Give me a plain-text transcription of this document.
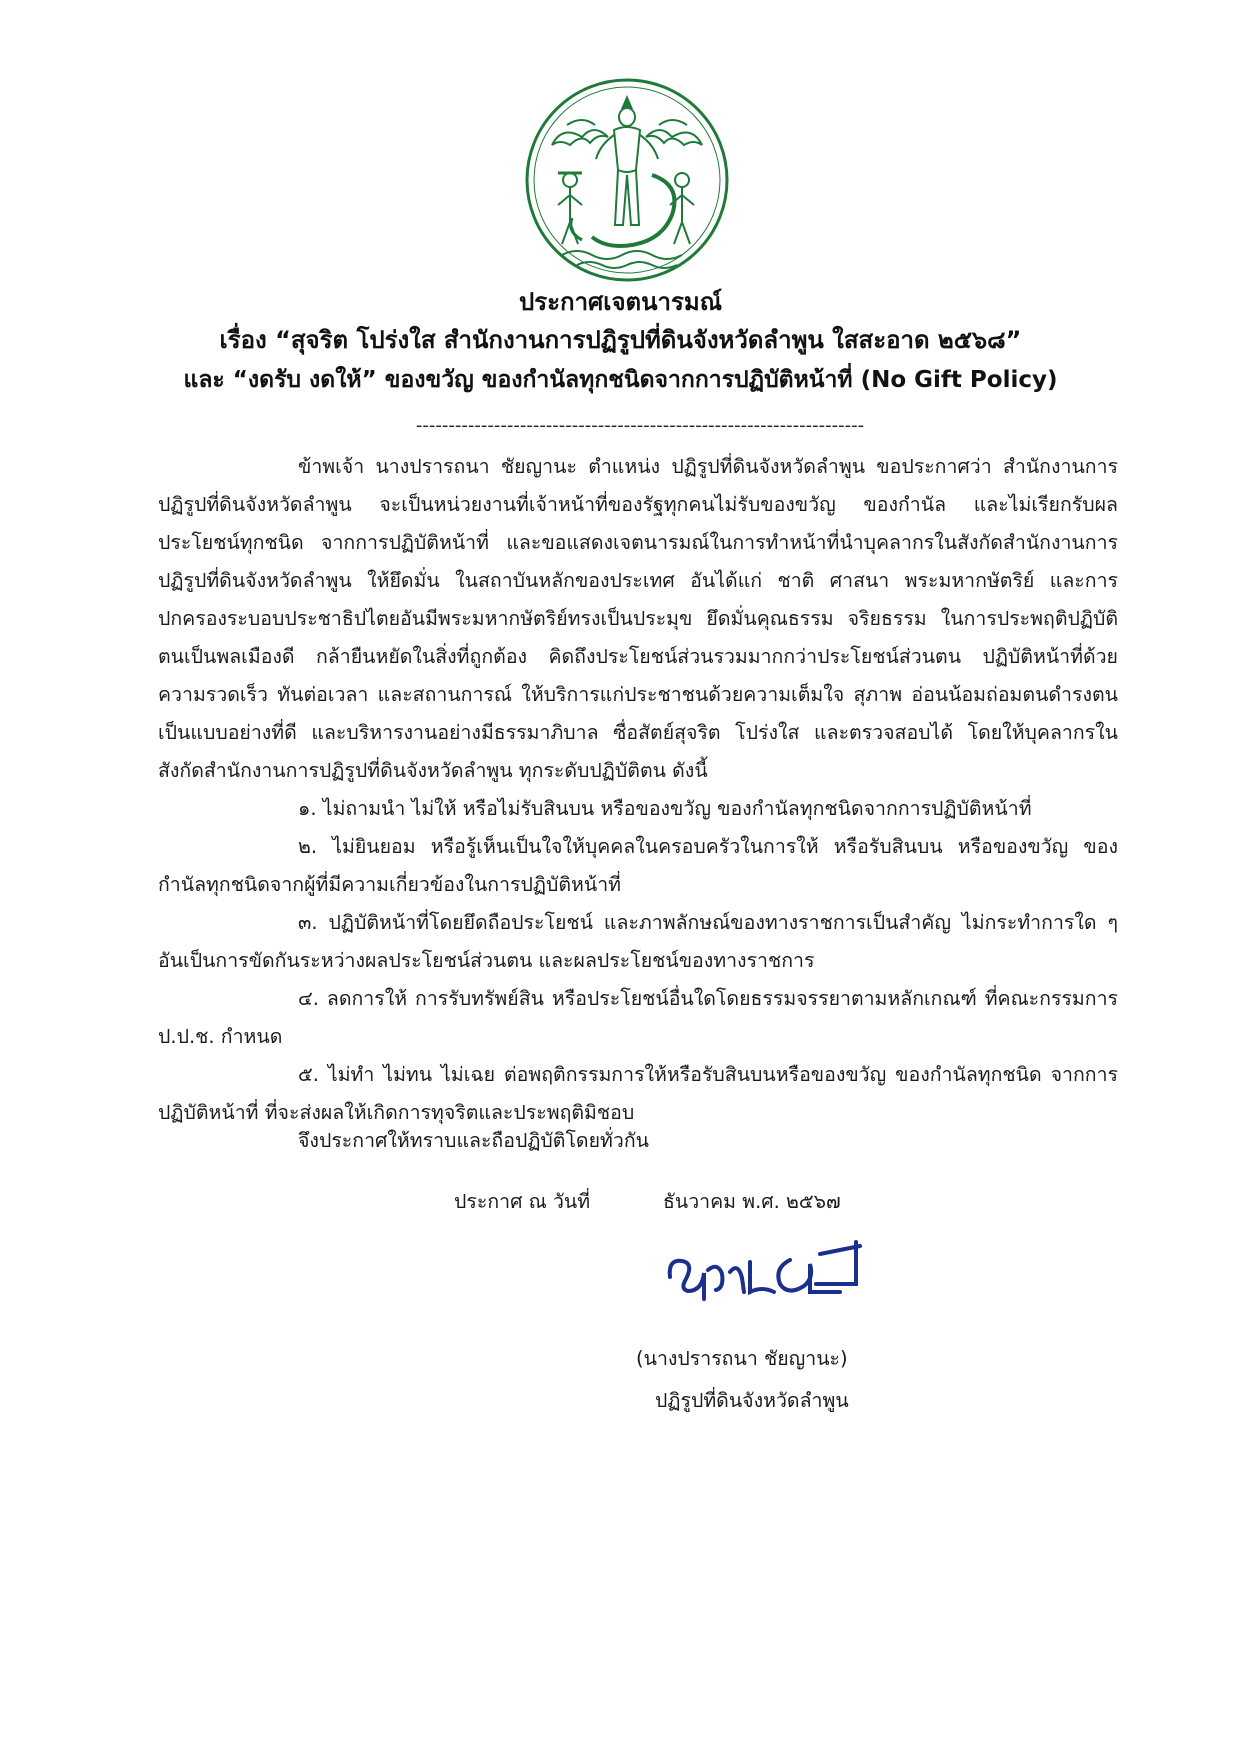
ประกาศเจตนารมณ์
เรื่อง “สุจริต โปร่งใส สำนักงานการปฏิรูปที่ดินจังหวัดลำพูน ใสสะอาด ๒๕๖๘”
และ “งดรับ งดให้” ของขวัญ ของกำนัลทุกชนิดจากการปฏิบัติหน้าที่ (No Gift Policy)
---------------------------------------------------------------------

ข้าพเจ้า นางปรารถนา ชัยญานะ ตำแหน่ง ปฏิรูปที่ดินจังหวัดลำพูน ขอประกาศว่า สำนักงานการปฏิรูปที่ดินจังหวัดลำพูน จะเป็นหน่วยงานที่เจ้าหน้าที่ของรัฐทุกคนไม่รับของขวัญ ของกำนัล และไม่เรียกรับผลประโยชน์ทุกชนิด จากการปฏิบัติหน้าที่ และขอแสดงเจตนารมณ์ในการทำหน้าที่นำบุคลากรในสังกัดสำนักงานการปฏิรูปที่ดินจังหวัดลำพูน ให้ยึดมั่น ในสถาบันหลักของประเทศ อันได้แก่ ชาติ ศาสนา พระมหากษัตริย์ และการปกครองระบอบประชาธิปไตยอันมีพระมหากษัตริย์ทรงเป็นประมุข ยึดมั่นคุณธรรม จริยธรรม ในการประพฤติปฏิบัติตนเป็นพลเมืองดี กล้ายืนหยัดในสิ่งที่ถูกต้อง คิดถึงประโยชน์ส่วนรวมมากกว่าประโยชน์ส่วนตน ปฏิบัติหน้าที่ด้วยความรวดเร็ว ทันต่อเวลา และสถานการณ์ ให้บริการแก่ประชาชนด้วยความเต็มใจ สุภาพ อ่อนน้อมถ่อมตนดำรงตนเป็นแบบอย่างที่ดี และบริหารงานอย่างมีธรรมาภิบาล ซื่อสัตย์สุจริต โปร่งใส และตรวจสอบได้ โดยให้บุคลากรในสังกัดสำนักงานการปฏิรูปที่ดินจังหวัดลำพูน ทุกระดับปฏิบัติตน ดังนี้

๑. ไม่ถามนำ ไม่ให้ หรือไม่รับสินบน หรือของขวัญ ของกำนัลทุกชนิดจากการปฏิบัติหน้าที่

๒. ไม่ยินยอม หรือรู้เห็นเป็นใจให้บุคคลในครอบครัวในการให้ หรือรับสินบน หรือของขวัญ ของกำนัลทุกชนิดจากผู้ที่มีความเกี่ยวข้องในการปฏิบัติหน้าที่

๓. ปฏิบัติหน้าที่โดยยึดถือประโยชน์ และภาพลักษณ์ของทางราชการเป็นสำคัญ ไม่กระทำการใด ๆ อันเป็นการขัดกันระหว่างผลประโยชน์ส่วนตน และผลประโยชน์ของทางราชการ

๔. ลดการให้ การรับทรัพย์สิน หรือประโยชน์อื่นใดโดยธรรมจรรยาตามหลักเกณฑ์ ที่คณะกรรมการ ป.ป.ช. กำหนด

๕. ไม่ทำ ไม่ทน ไม่เฉย ต่อพฤติกรรมการให้หรือรับสินบนหรือของขวัญ ของกำนัลทุกชนิด จากการปฏิบัติหน้าที่ ที่จะส่งผลให้เกิดการทุจริตและประพฤติมิชอบ

จึงประกาศให้ทราบและถือปฏิบัติโดยทั่วกัน
ประกาศ ณ วันที่	ธันวาคม พ.ศ. ๒๕๖๗
(นางปรารถนา ชัยญานะ)
ปฏิรูปที่ดินจังหวัดลำพูน
